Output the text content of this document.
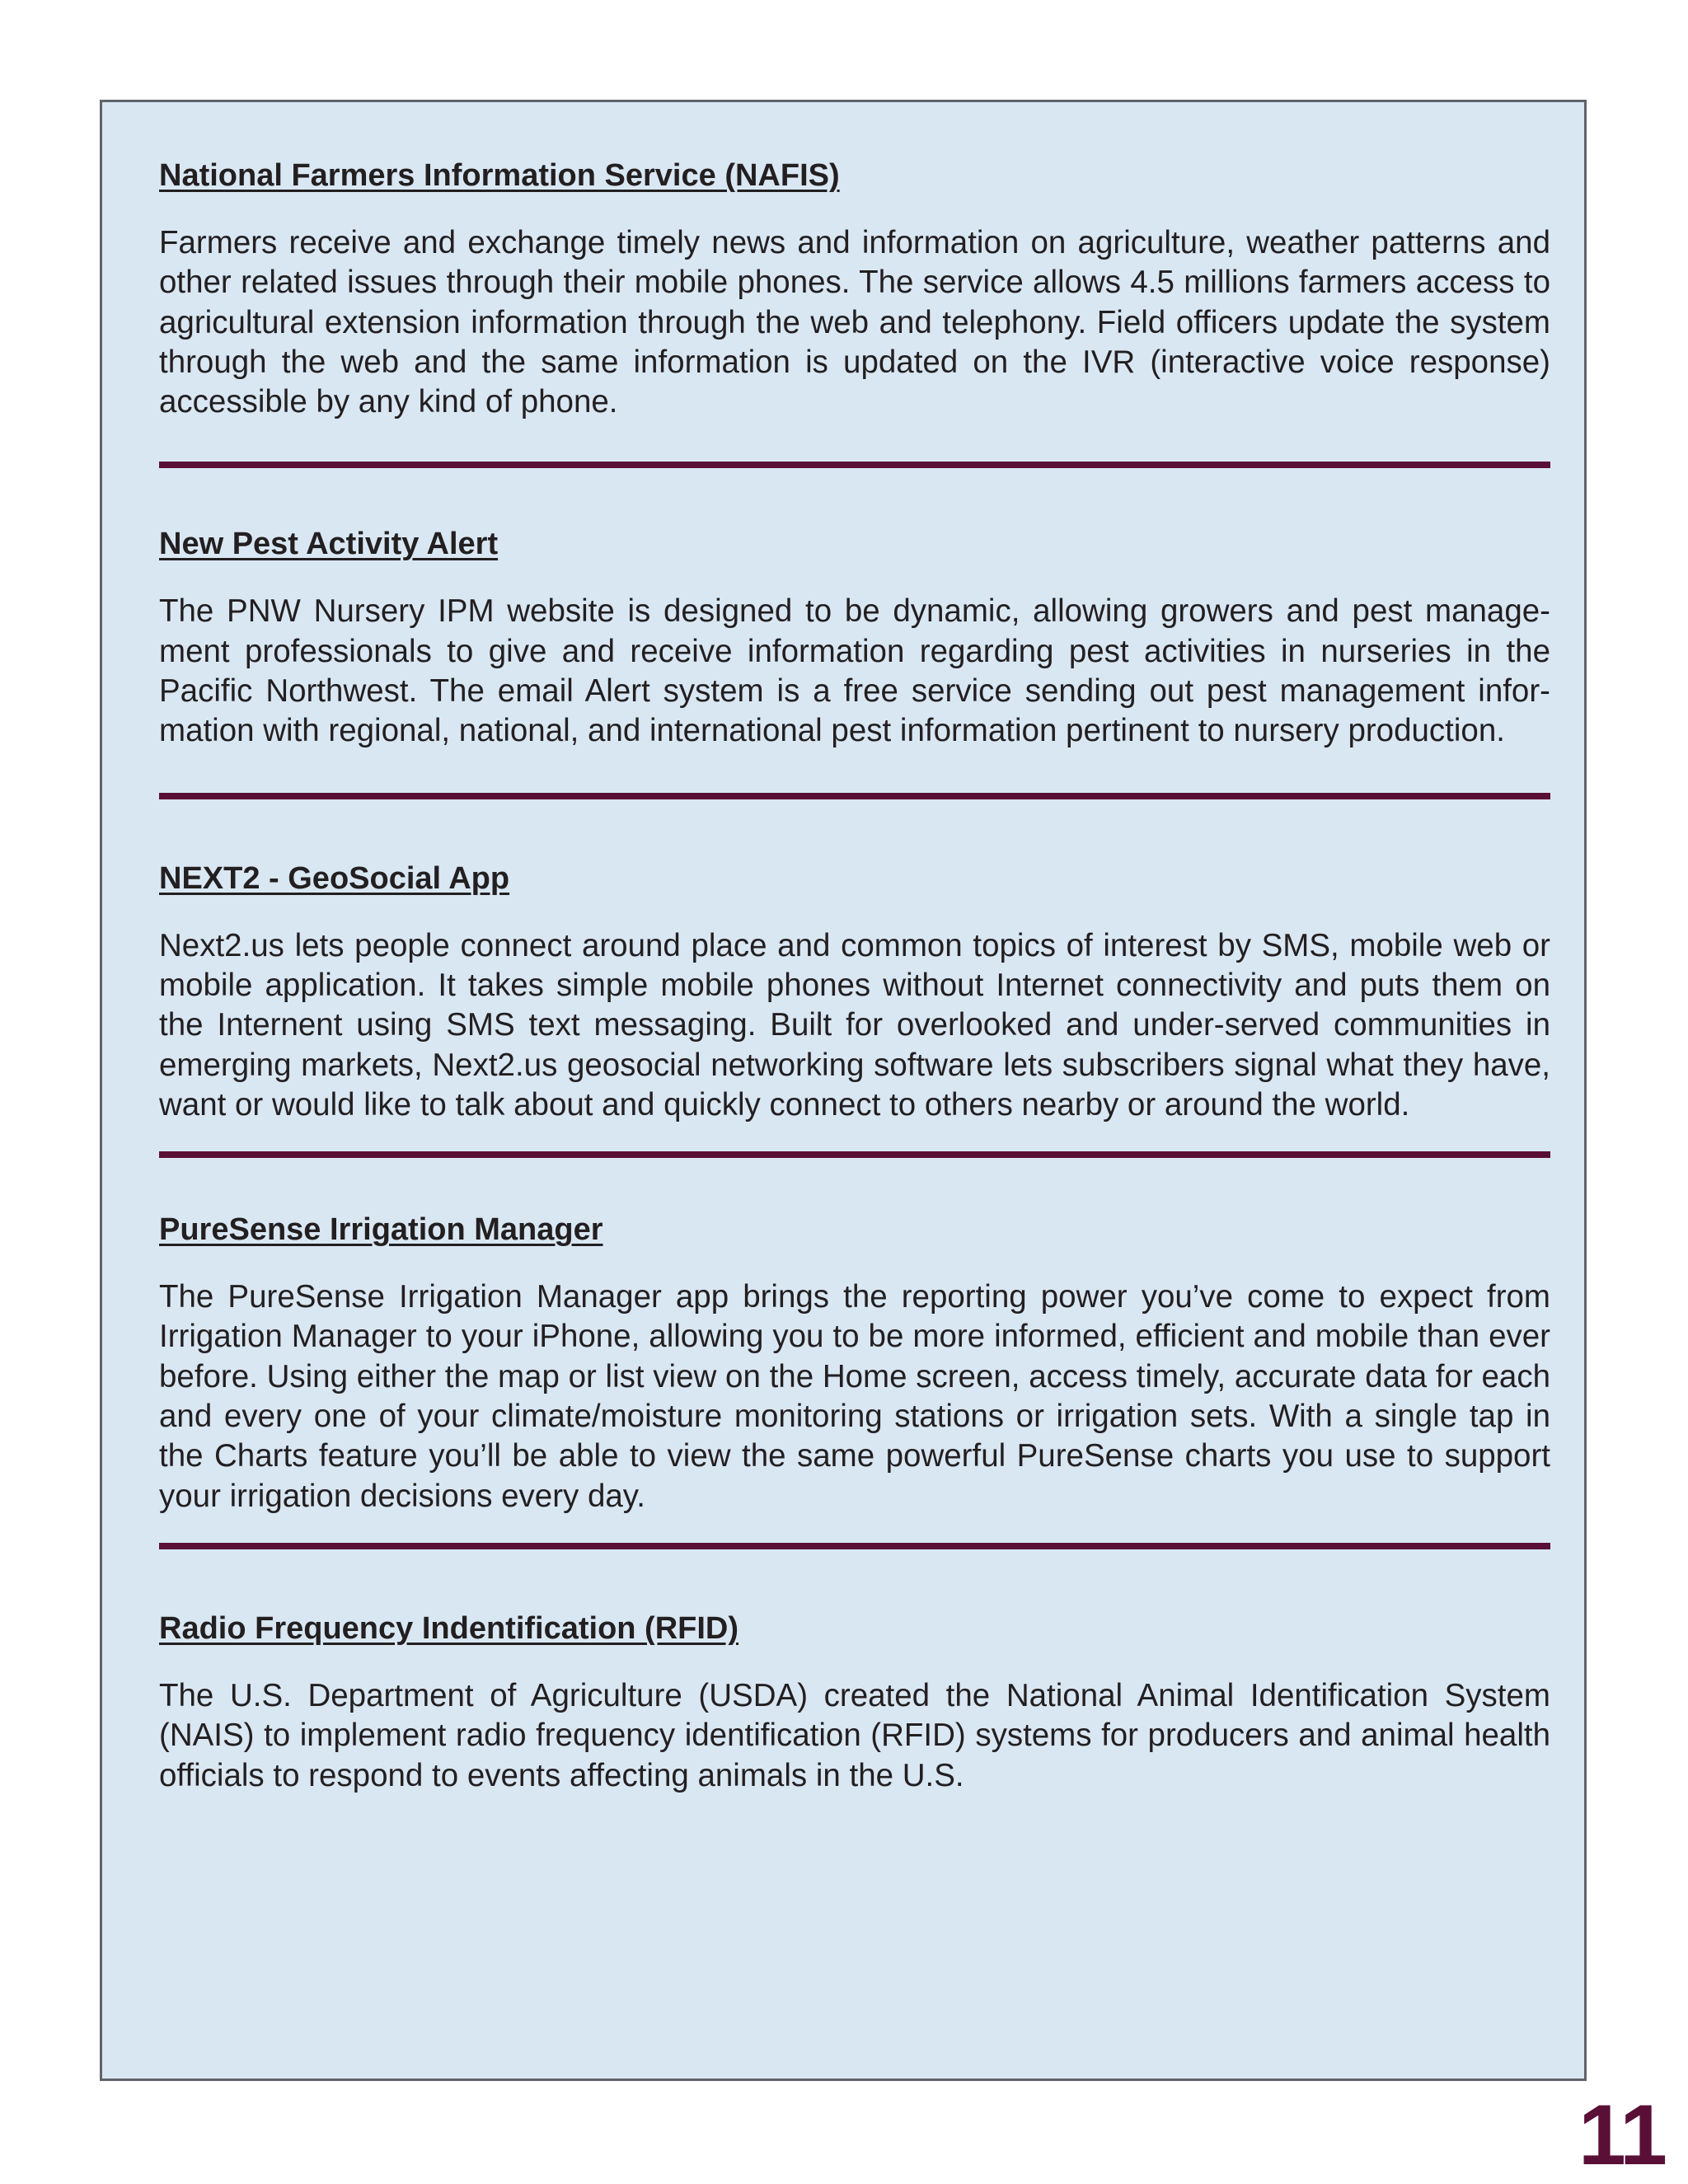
National Farmers Information Service (NAFIS)

Farmers receive and exchange timely news and information on agriculture, weather patterns and other related issues through their mobile phones. The service allows 4.5 millions farmers access to agricultural extension information through the web and telephony. Field officers update the system through the web and the same information is updated on the IVR (interactive voice response) accessible by any kind of phone.

New Pest Activity Alert

The PNW Nursery IPM website is designed to be dynamic, allowing growers and pest management professionals to give and receive information regarding pest activities in nurseries in the Pacific Northwest. The email Alert system is a free service sending out pest management information with regional, national, and international pest information pertinent to nursery production.

NEXT2 - GeoSocial App

Next2.us lets people connect around place and common topics of interest by SMS, mobile web or mobile application. It takes simple mobile phones without Internet connectivity and puts them on the Internent using SMS text messaging. Built for overlooked and under-served communities in emerging markets, Next2.us geosocial networking software lets subscribers signal what they have, want or would like to talk about and quickly connect to others nearby or around the world.

PureSense Irrigation Manager

The PureSense Irrigation Manager app brings the reporting power you’ve come to expect from Irrigation Manager to your iPhone, allowing you to be more informed, efficient and mobile than ever before. Using either the map or list view on the Home screen, access timely, accurate data for each and every one of your climate/moisture monitoring stations or irrigation sets. With a single tap in the Charts feature you’ll be able to view the same powerful PureSense charts you use to support your irrigation decisions every day.

Radio Frequency Indentification (RFID)

The U.S. Department of Agriculture (USDA) created the National Animal Identification System (NAIS) to implement radio frequency identification (RFID) systems for producers and animal health officials to respond to events affecting animals in the U.S.

11
